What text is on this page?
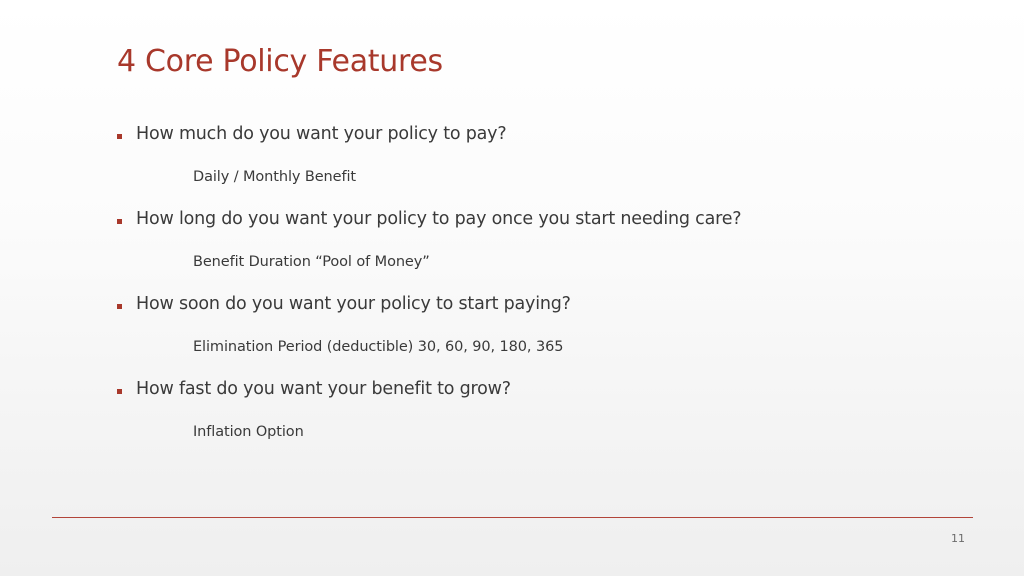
4 Core Policy Features
How much do you want your policy to pay?
Daily / Monthly Benefit
How long do you want your policy to pay once you start needing care?
Benefit Duration “Pool of Money”
How soon do you want your policy to start paying?
Elimination Period (deductible) 30, 60, 90, 180, 365
How fast do you want your benefit to grow?
Inflation Option
11
